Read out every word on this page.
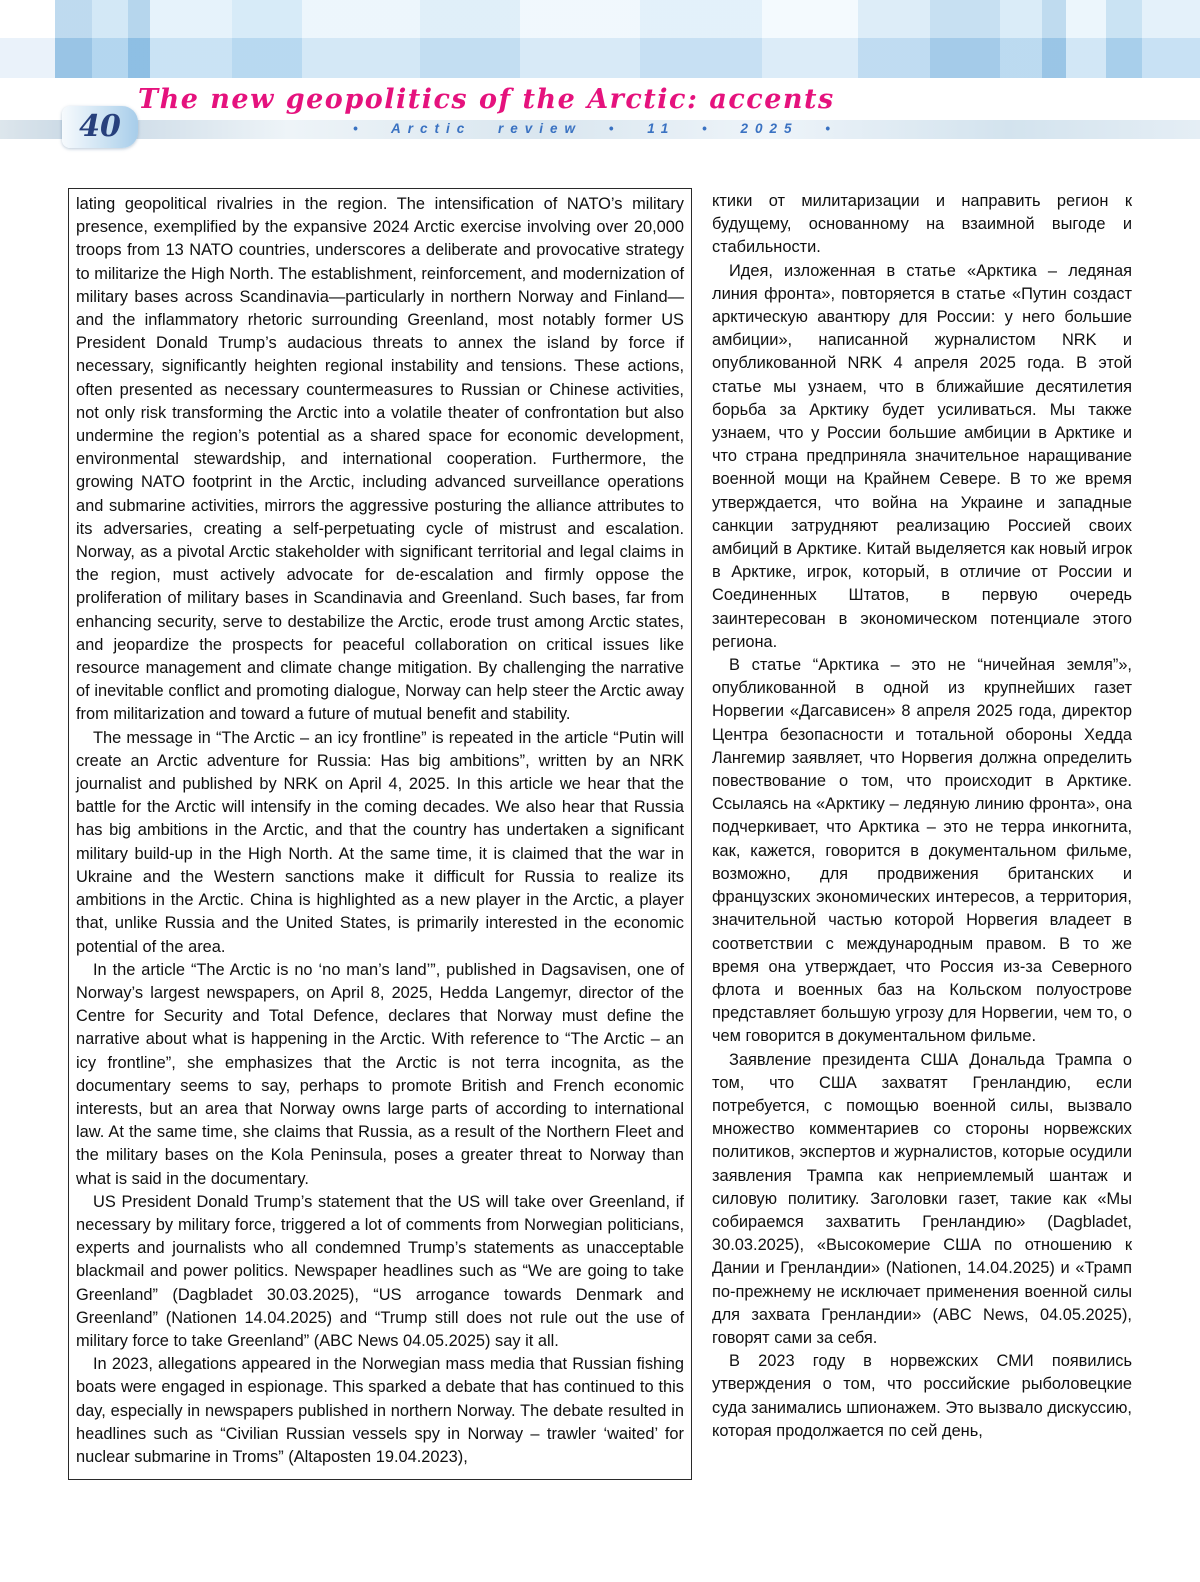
The new geopolitics of the Arctic: accents
40	• Arctic review • 11 • 2025 •

lating geopolitical rivalries in the region. The intensification of NATO’s military presence, exemplified by the expansive 2024 Arctic exercise involving over 20,000 troops from 13 NATO countries, underscores a deliberate and provocative strategy to militarize the High North. The establishment, reinforcement, and modernization of military bases across Scandinavia—particularly in northern Norway and Finland—and the inflammatory rhetoric surrounding Greenland, most notably former US President Donald Trump’s audacious threats to annex the island by force if necessary, significantly heighten regional instability and tensions. These actions, often presented as necessary countermeasures to Russian or Chinese activities, not only risk transforming the Arctic into a volatile theater of confrontation but also undermine the region’s potential as a shared space for economic development, environmental stewardship, and international cooperation. Furthermore, the growing NATO footprint in the Arctic, including advanced surveillance operations and submarine activities, mirrors the aggressive posturing the alliance attributes to its adversaries, creating a self-perpetuating cycle of mistrust and escalation. Norway, as a pivotal Arctic stakeholder with significant territorial and legal claims in the region, must actively advocate for de-escalation and firmly oppose the proliferation of military bases in Scandinavia and Greenland. Such bases, far from enhancing security, serve to destabilize the Arctic, erode trust among Arctic states, and jeopardize the prospects for peaceful collaboration on critical issues like resource management and climate change mitigation. By challenging the narrative of inevitable conflict and promoting dialogue, Norway can help steer the Arctic away from militarization and toward a future of mutual benefit and stability.

The message in “The Arctic – an icy frontline” is repeated in the article “Putin will create an Arctic adventure for Russia: Has big ambitions”, written by an NRK journalist and published by NRK on April 4, 2025. In this article we hear that the battle for the Arctic will intensify in the coming decades. We also hear that Russia has big ambitions in the Arctic, and that the country has undertaken a significant military build-up in the High North. At the same time, it is claimed that the war in Ukraine and the Western sanctions make it difficult for Russia to realize its ambitions in the Arctic. China is highlighted as a new player in the Arctic, a player that, unlike Russia and the United States, is primarily interested in the economic potential of the area.

In the article “The Arctic is no ‘no man’s land’”, published in Dagsavisen, one of Norway’s largest newspapers, on April 8, 2025, Hedda Langemyr, director of the Centre for Security and Total Defence, declares that Norway must define the narrative about what is happening in the Arctic. With reference to “The Arctic – an icy frontline”, she emphasizes that the Arctic is not terra incognita, as the documentary seems to say, perhaps to promote British and French economic interests, but an area that Norway owns large parts of according to international law. At the same time, she claims that Russia, as a result of the Northern Fleet and the military bases on the Kola Peninsula, poses a greater threat to Norway than what is said in the documentary.

US President Donald Trump’s statement that the US will take over Greenland, if necessary by military force, triggered a lot of comments from Norwegian politicians, experts and journalists who all condemned Trump’s statements as unacceptable blackmail and power politics. Newspaper headlines such as “We are going to take Greenland” (Dagbladet 30.03.2025), “US arrogance towards Denmark and Greenland” (Nationen 14.04.2025) and “Trump still does not rule out the use of military force to take Greenland” (ABC News 04.05.2025) say it all.

In 2023, allegations appeared in the Norwegian mass media that Russian fishing boats were engaged in espionage. This sparked a debate that has continued to this day, especially in newspapers published in northern Norway. The debate resulted in headlines such as “Civilian Russian vessels spy in Norway – trawler ‘waited’ for nuclear submarine in Troms” (Altaposten 19.04.2023),

ктики от милитаризации и направить регион к будущему, основанному на взаимной выгоде и стабильности.

Идея, изложенная в статье «Арктика – ледяная линия фронта», повторяется в статье «Путин создаст арктическую авантюру для России: у него большие амбиции», написанной журналистом NRK и опубликованной NRK 4 апреля 2025 года. В этой статье мы узнаем, что в ближайшие десятилетия борьба за Арктику будет усиливаться. Мы также узнаем, что у России большие амбиции в Арктике и что страна предприняла значительное наращивание военной мощи на Крайнем Севере. В то же время утверждается, что война на Украине и западные санкции затрудняют реализацию Россией своих амбиций в Арктике. Китай выделяется как новый игрок в Арктике, игрок, который, в отличие от России и Соединенных Штатов, в первую очередь заинтересован в экономическом потенциале этого региона.

В статье “Арктика – это не “ничейная земля”», опубликованной в одной из крупнейших газет Норвегии «Дагсависен» 8 апреля 2025 года, директор Центра безопасности и тотальной обороны Хедда Лангемир заявляет, что Норвегия должна определить повествование о том, что происходит в Арктике. Ссылаясь на «Арктику – ледяную линию фронта», она подчеркивает, что Арктика – это не терра инкогнита, как, кажется, говорится в документальном фильме, возможно, для продвижения британских и французских экономических интересов, а территория, значительной частью которой Норвегия владеет в соответствии с международным правом. В то же время она утверждает, что Россия из-за Северного флота и военных баз на Кольском полуострове представляет большую угрозу для Норвегии, чем то, о чем говорится в документальном фильме.

Заявление президента США Дональда Трампа о том, что США захватят Гренландию, если потребуется, с помощью военной силы, вызвало множество комментариев со стороны норвежских политиков, экспертов и журналистов, которые осудили заявления Трампа как неприемлемый шантаж и силовую политику. Заголовки газет, такие как «Мы собираемся захватить Гренландию» (Dagbladet, 30.03.2025), «Высокомерие США по отношению к Дании и Гренландии» (Nationen, 14.04.2025) и «Трамп по-прежнему не исключает применения военной силы для захвата Гренландии» (ABC News, 04.05.2025), говорят сами за себя.

В 2023 году в норвежских СМИ появились утверждения о том, что российские рыболовецкие суда занимались шпионажем. Это вызвало дискуссию, которая продолжается по сей день,
